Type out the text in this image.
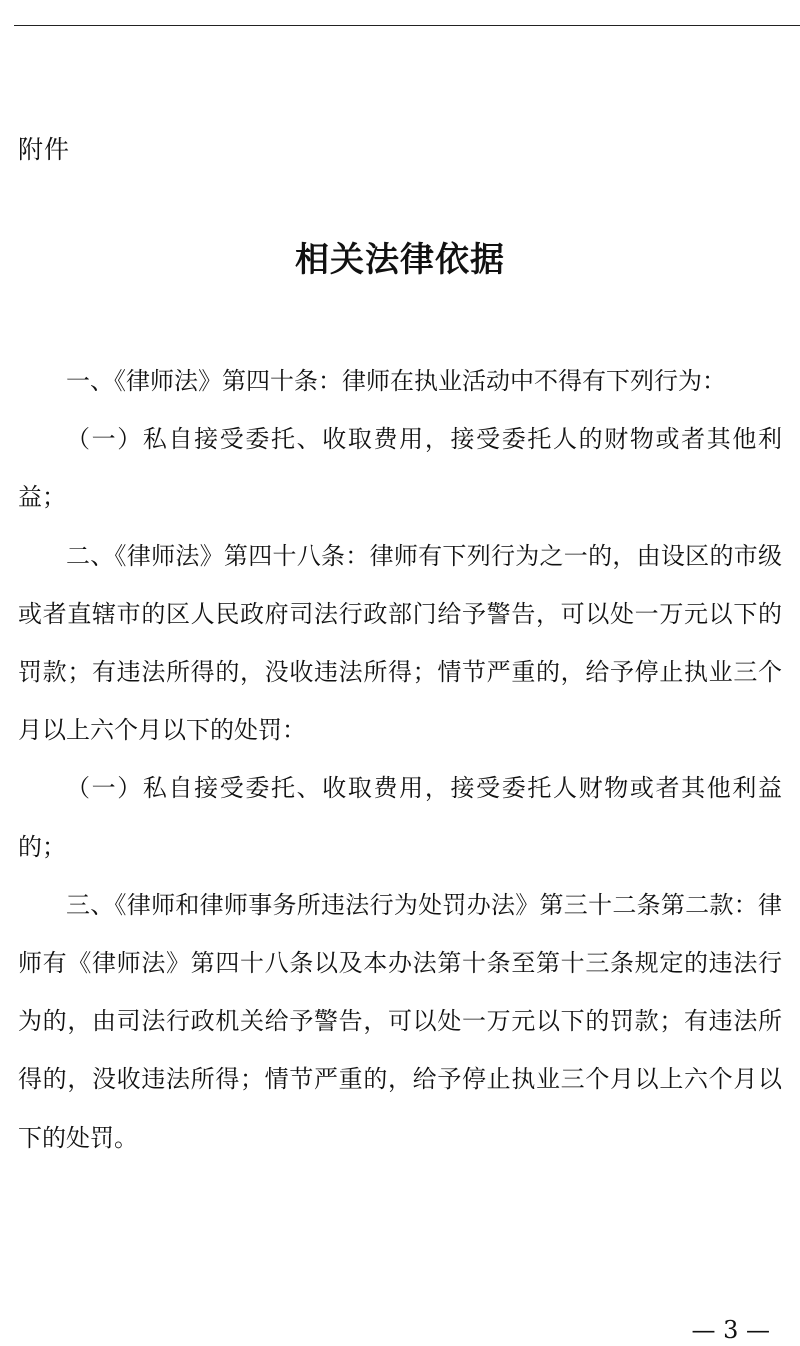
附件
相关法律依据

一、《律师法》第四十条：律师在执业活动中不得有下列行为：

（一）私自接受委托、收取费用，接受委托人的财物或者其他利益；

二、《律师法》第四十八条：律师有下列行为之一的，由设区的市级或者直辖市的区人民政府司法行政部门给予警告，可以处一万元以下的罚款；有违法所得的，没收违法所得；情节严重的，给予停止执业三个月以上六个月以下的处罚：

（一）私自接受委托、收取费用，接受委托人财物或者其他利益的；

三、《律师和律师事务所违法行为处罚办法》第三十二条第二款：律师有《律师法》第四十八条以及本办法第十条至第十三条规定的违法行为的，由司法行政机关给予警告，可以处一万元以下的罚款；有违法所得的，没收违法所得；情节严重的，给予停止执业三个月以上六个月以下的处罚。

— 3 —
